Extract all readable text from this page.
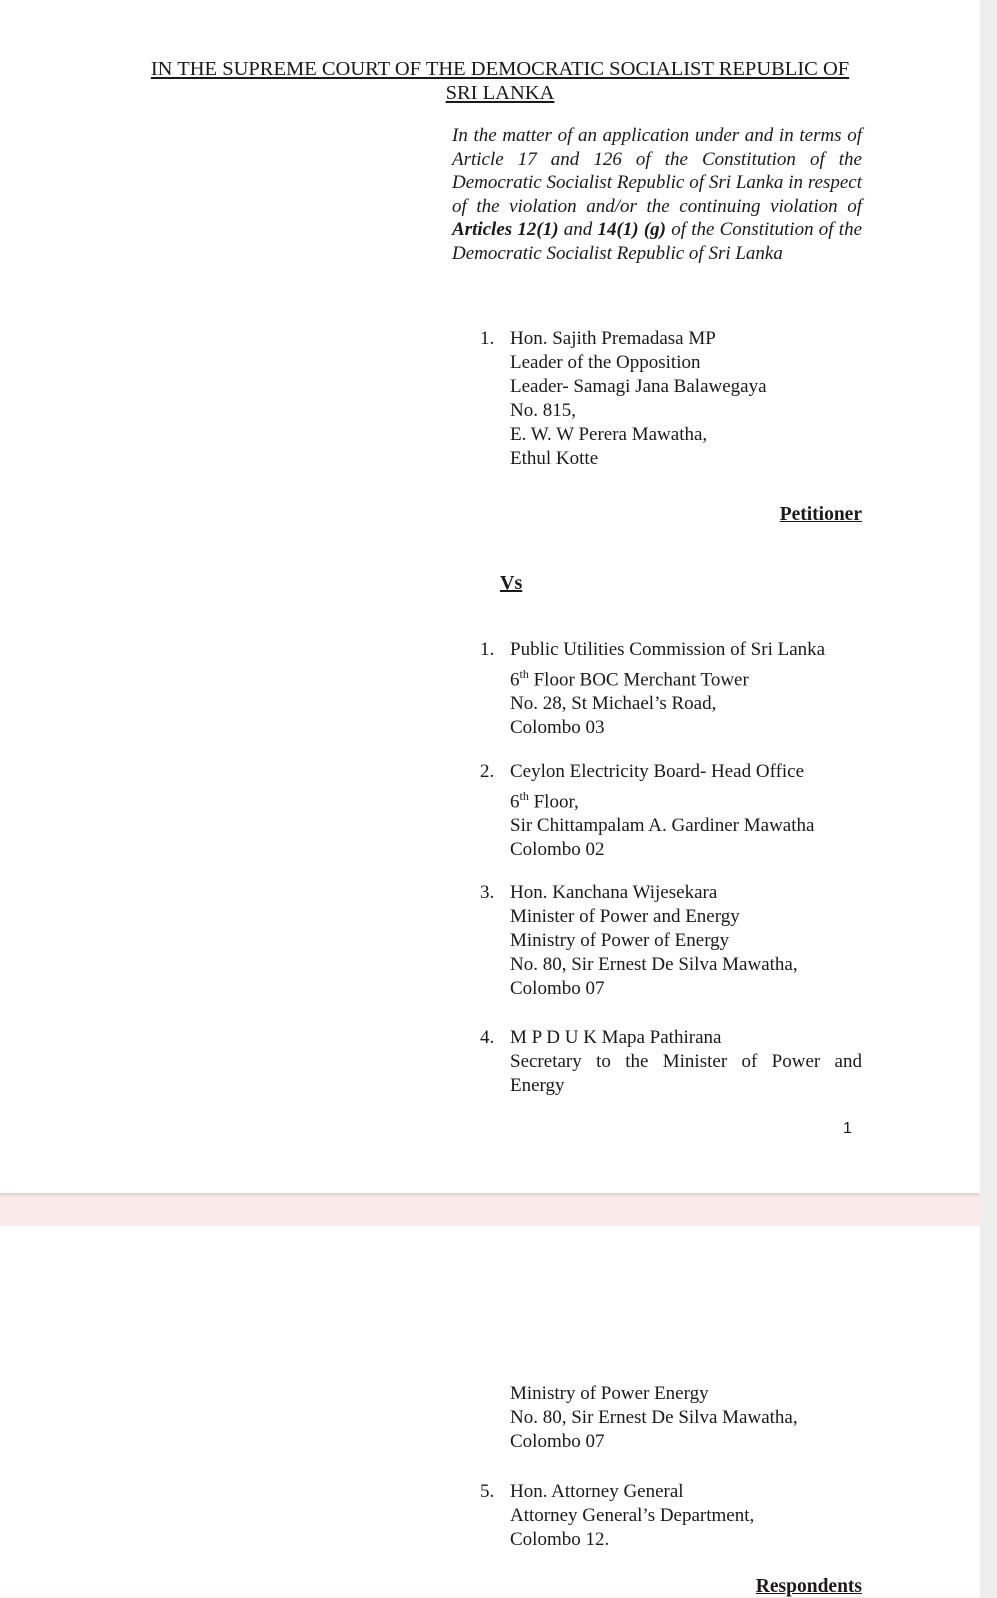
IN THE SUPREME COURT OF THE DEMOCRATIC SOCIALIST REPUBLIC OF
SRI LANKA
In the matter of an application under and in terms of Article 17 and 126 of the Constitution of the Democratic Socialist Republic of Sri Lanka in respect of the violation and/or the continuing violation of Articles 12(1) and 14(1) (g) of the Constitution of the Democratic Socialist Republic of Sri Lanka
1. Hon. Sajith Premadasa MP
Leader of the Opposition
Leader- Samagi Jana Balawegaya
No. 815,
E. W. W Perera Mawatha,
Ethul Kotte
Petitioner
Vs
1. Public Utilities Commission of Sri Lanka
6th Floor BOC Merchant Tower
No. 28, St Michael’s Road,
Colombo 03
2. Ceylon Electricity Board- Head Office
6th Floor,
Sir Chittampalam A. Gardiner Mawatha
Colombo 02
3. Hon. Kanchana Wijesekara
Minister of Power and Energy
Ministry of Power of Energy
No. 80, Sir Ernest De Silva Mawatha,
Colombo 07
4. M P D U K Mapa Pathirana
Secretary to the Minister of Power and
Energy
1
Ministry of Power Energy
No. 80, Sir Ernest De Silva Mawatha,
Colombo 07
5. Hon. Attorney General
Attorney General’s Department,
Colombo 12.
Respondents
